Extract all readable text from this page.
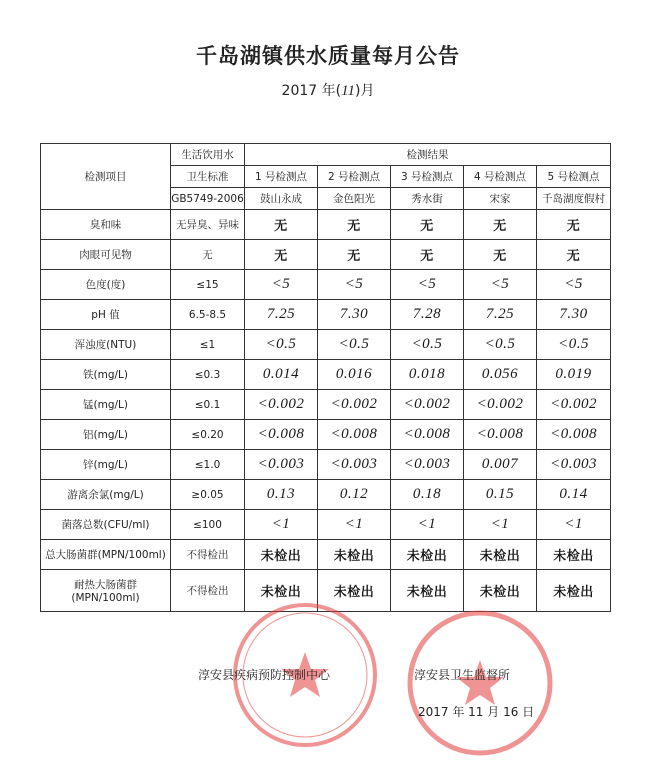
千岛湖镇供水质量每月公告
2017 年(11)月
检测项目	生活饮用水	检测结果				
	卫生标准	1 号检测点	2 号检测点	3 号检测点	4 号检测点	5 号检测点
	GB5749-2006	鼓山永成	金色阳光	秀水街	宋家	千岛湖度假村
臭和味	无异臭、异味	无	无	无	无	无
肉眼可见物	无	无	无	无	无	无
色度(度)	≤15	<5	<5	<5	<5	<5
pH 值	6.5-8.5	7.25	7.30	7.28	7.25	7.30
浑浊度(NTU)	≤1	<0.5	<0.5	<0.5	<0.5	<0.5
铁(mg/L)	≤0.3	0.014	0.016	0.018	0.056	0.019
锰(mg/L)	≤0.1	<0.002	<0.002	<0.002	<0.002	<0.002
铝(mg/L)	≤0.20	<0.008	<0.008	<0.008	<0.008	<0.008
锌(mg/L)	≤1.0	<0.003	<0.003	<0.003	0.007	<0.003
游离余氯(mg/L)	≥0.05	0.13	0.12	0.18	0.15	0.14
菌落总数(CFU/ml)	≤100	<1	<1	<1	<1	<1
总大肠菌群(MPN/100ml)	不得检出	未检出	未检出	未检出	未检出	未检出

耐热大肠菌群
(MPN/100ml)	不得检出	未检出	未检出	未检出	未检出	未检出
淳安县疾病预防控制中心	淳安县卫生监督所
2017 年 11 月 16 日
